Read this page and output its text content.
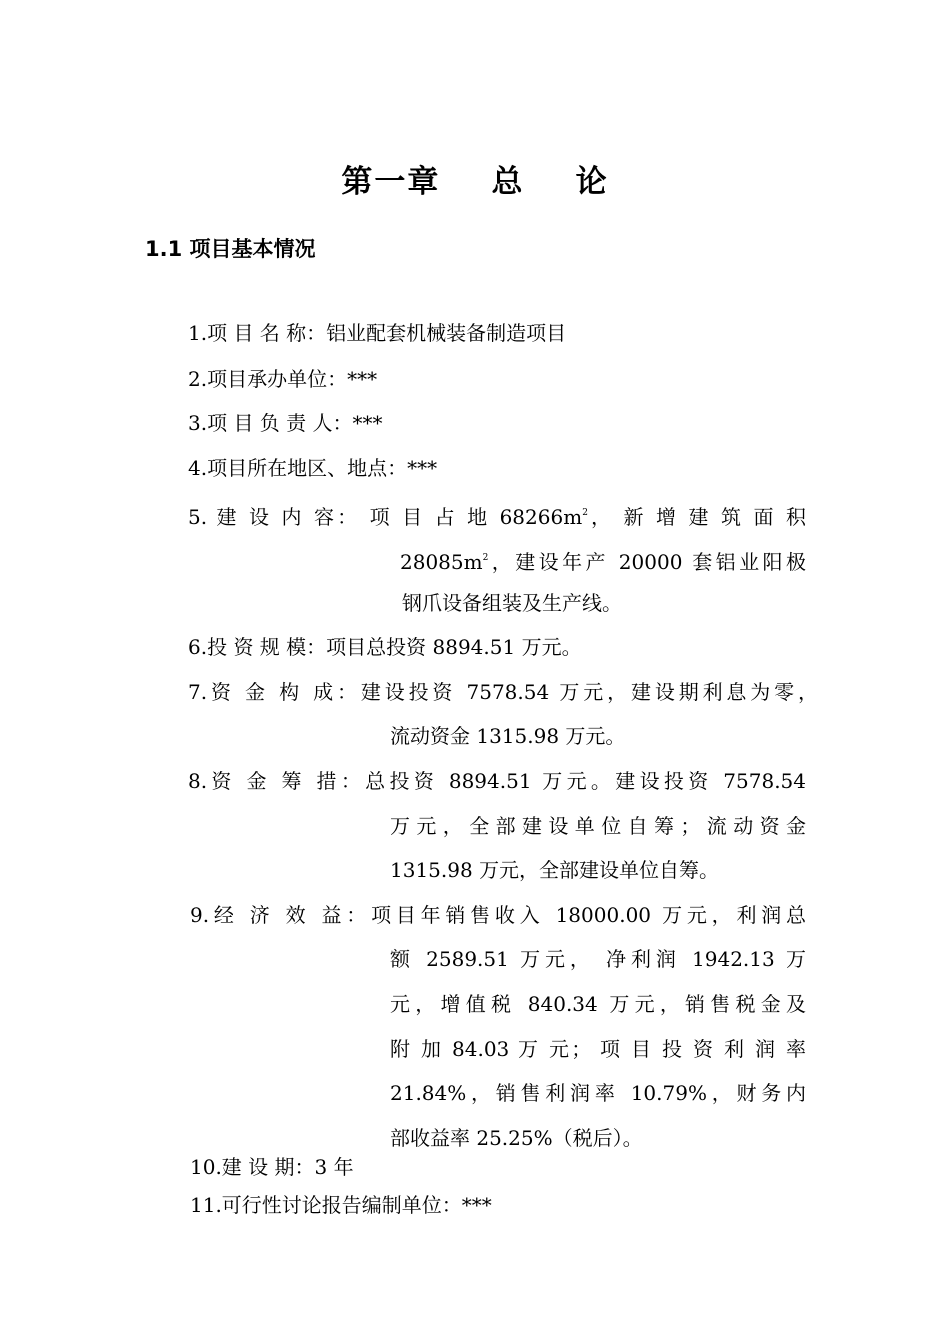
第一章    总    论
1.1 项目基本情况
1.项 目 名 称：铝业配套机械装备制造项目
2.项目承办单位：***
3.项 目 负 责 人：***
4.项目所在地区、地点：***
5. 建 设 内 容： 项 目 占 地 $68266m^2$， 新 增 建 筑 面 积
$28085m^2$，建设年产 20000 套铝业阳极
钢爪设备组装及生产线。
6.投 资 规 模：项目总投资 8894.51 万元。
7.资 金 构 成：建设投资 7578.54 万元，建设期利息为零，
流动资金 1315.98 万元。
8.资 金 筹 措：总投资 8894.51 万元。建设投资 7578.54
万元，全部建设单位自筹；流动资金
1315.98 万元，全部建设单位自筹。
9.经 济 效 益：项目年销售收入 18000.00 万元，利润总
额 2589.51 万元， 净利润 1942.13 万
元，增值税 840.34 万元，销售税金及
附 加 84.03 万 元； 项 目 投 资 利 润 率
21.84%，销售利润率 10.79%，财务内
部收益率 25.25%（税后）。
10.建 设 期：3 年
11.可行性讨论报告编制单位：***
